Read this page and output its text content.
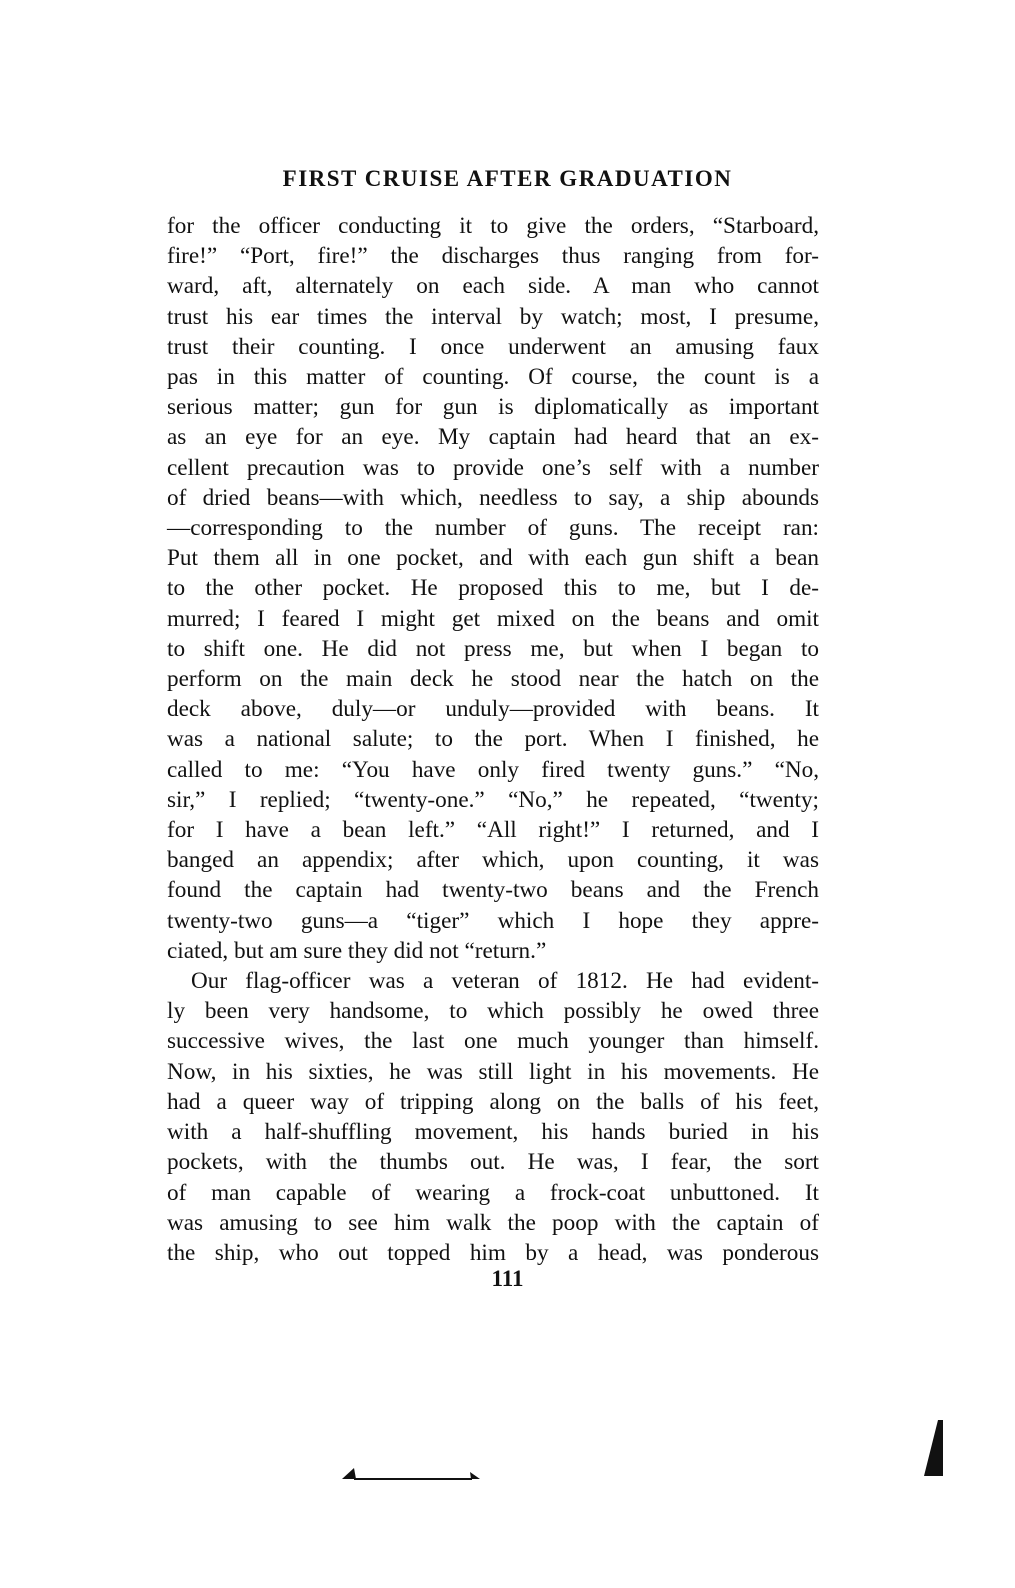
FIRST CRUISE AFTER GRADUATION

for the officer conducting it to give the orders, “Starboard,
fire!” “Port, fire!” the discharges thus ranging from for-
ward, aft, alternately on each side. A man who cannot
trust his ear times the interval by watch; most, I presume,
trust their counting. I once underwent an amusing faux
pas in this matter of counting. Of course, the count is a
serious matter; gun for gun is diplomatically as important
as an eye for an eye. My captain had heard that an ex-
cellent precaution was to provide one’s self with a number
of dried beans—with which, needless to say, a ship abounds
—corresponding to the number of guns. The receipt ran:
Put them all in one pocket, and with each gun shift a bean
to the other pocket. He proposed this to me, but I de-
murred; I feared I might get mixed on the beans and omit
to shift one. He did not press me, but when I began to
perform on the main deck he stood near the hatch on the
deck above, duly—or unduly—provided with beans. It
was a national salute; to the port. When I finished, he
called to me: “You have only fired twenty guns.” “No,
sir,” I replied; “twenty-one.” “No,” he repeated, “twenty;
for I have a bean left.” “All right!” I returned, and I
banged an appendix; after which, upon counting, it was
found the captain had twenty-two beans and the French
twenty-two guns—a “tiger” which I hope they appre-
ciated, but am sure they did not “return.”

Our flag-officer was a veteran of 1812. He had evident-
ly been very handsome, to which possibly he owed three
successive wives, the last one much younger than himself.
Now, in his sixties, he was still light in his movements. He
had a queer way of tripping along on the balls of his feet,
with a half-shuffling movement, his hands buried in his
pockets, with the thumbs out. He was, I fear, the sort
of man capable of wearing a frock-coat unbuttoned. It
was amusing to see him walk the poop with the captain of
the ship, who out topped him by a head, was ponderous

111
